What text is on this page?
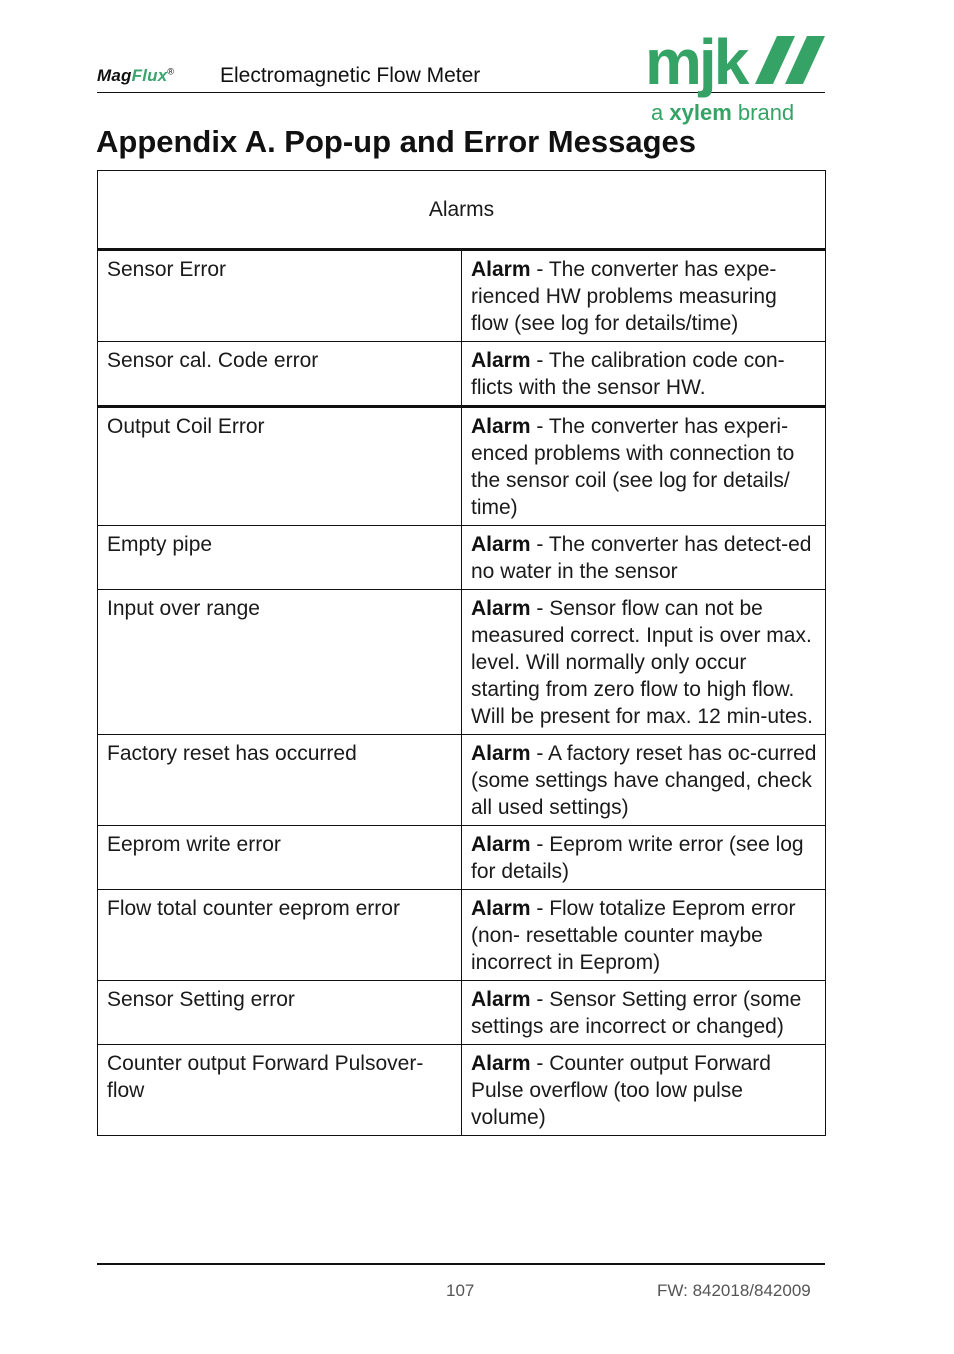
MagFlux® Electromagnetic Flow Meter	mjk
a xylem brand
Appendix A. Pop-up and Error Messages
Alarms	
Sensor Error	Alarm - The converter has expe-rienced HW problems measuring flow (see log for details/time)
Sensor cal. Code error	Alarm - The calibration code con-flicts with the sensor HW.
Output Coil Error	Alarm - The converter has experi-enced problems with connection to the sensor coil (see log for details/ time)
Empty pipe	Alarm - The converter has detect-ed no water in the sensor
Input over range	Alarm - Sensor flow can not be measured correct. Input is over max. level. Will normally only occur starting from zero flow to high flow. Will be present for max. 12 min-utes.
Factory reset has occurred	Alarm - A factory reset has oc-curred (some settings have changed, check all used settings)
Eeprom write error	Alarm - Eeprom write error (see log for details)
Flow total counter eeprom error	Alarm - Flow totalize Eeprom error (non- resettable counter maybe incorrect in Eeprom)
Sensor Setting error	Alarm - Sensor Setting error (some settings are incorrect or changed)
Counter output Forward Pulsover-flow	Alarm - Counter output Forward Pulse overflow (too low pulse volume)
107	FW: 842018/842009
